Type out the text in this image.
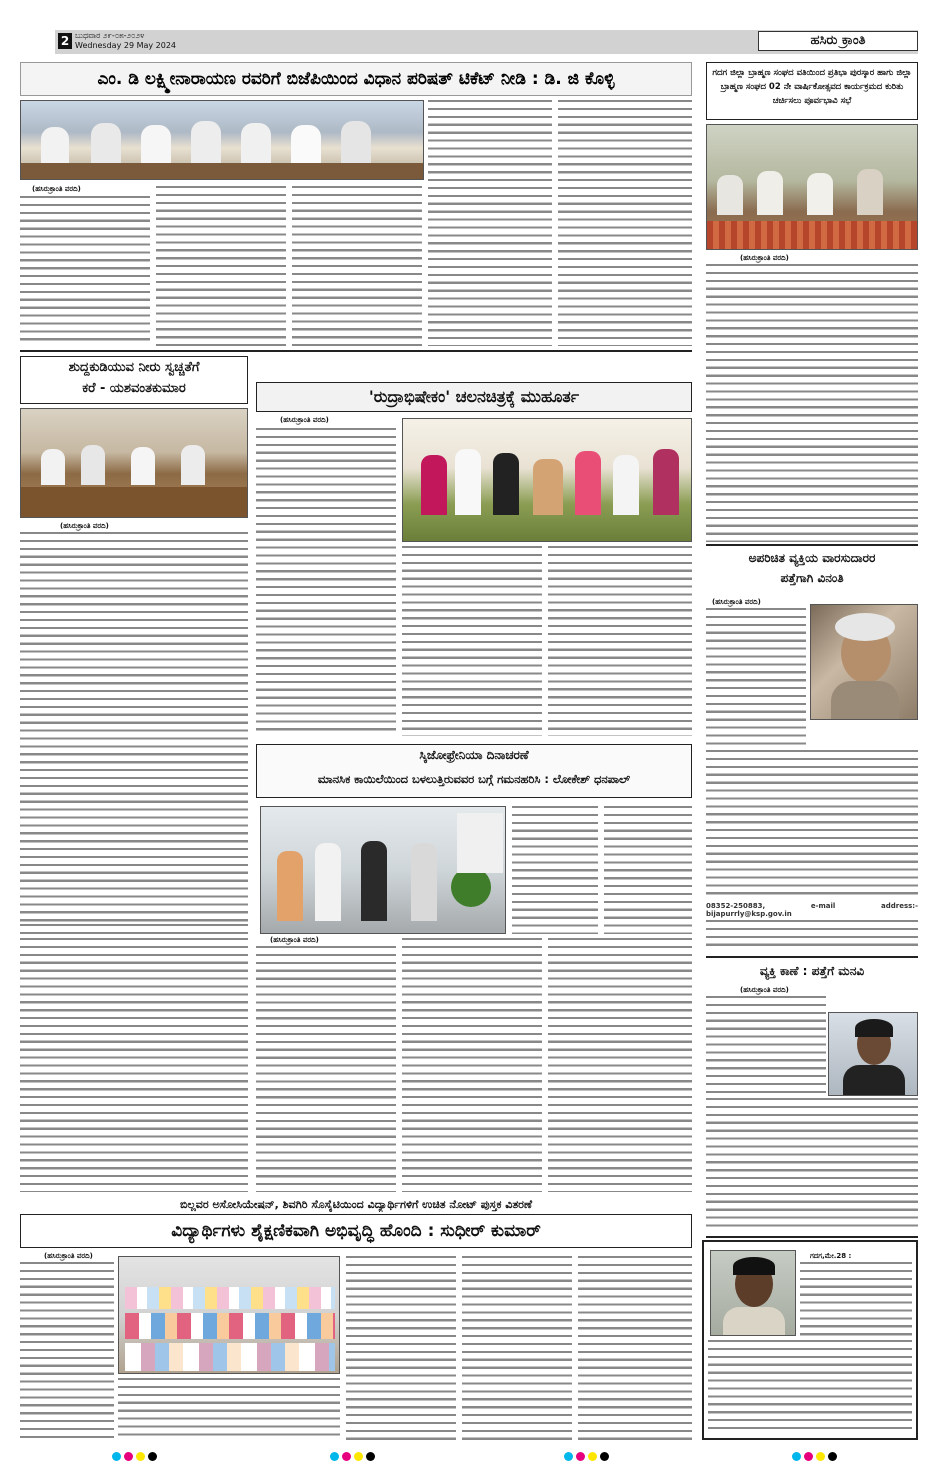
2 ಬುಧವಾರ ೨೯-೦೫-೨೦೨೪
Wednesday 29 May 2024	ಹಸಿರು ಕ್ರಾಂತಿ
ಎಂ. ಡಿ ಲಕ್ಷ್ಮೀನಾರಾಯಣ ರವರಿಗೆ ಬಿಜೆಪಿಯಿಂದ ವಿಧಾನ ಪರಿಷತ್ ಟಿಕೆಟ್ ನೀಡಿ : ಡಿ. ಜಿ ಕೊಳ್ಳಿ
(ಹಸಿರುಕ್ರಾಂತಿ ವರದಿ)
ಗದಗ ಜಿಲ್ಲಾ ಬ್ರಾಹ್ಮಣ ಸಂಘದ ವತಿಯಿಂದ ಪ್ರತಿಭಾ ಪುರಸ್ಕಾರ ಹಾಗು ಜಿಲ್ಲಾ ಬ್ರಾಹ್ಮಣ ಸಂಘದ 02 ನೇ ವಾರ್ಷಿಕೋತ್ಸವದ ಕಾರ್ಯಕ್ರಮದ ಕುರಿತು ಚರ್ಚಿಸಲು ಪೂರ್ವಭಾವಿ ಸಭೆ
(ಹಸಿರುಕ್ರಾಂತಿ ವರದಿ)
ಅಪರಿಚಿತ ವ್ಯಕ್ತಿಯ ವಾರಸುದಾರರ
ಪತ್ತೆಗಾಗಿ ವಿನಂತಿ
(ಹಸಿರುಕ್ರಾಂತಿ ವರದಿ)
08352-250883, e-mail address:- bijapurrly@ksp.gov.in
ವ್ಯಕ್ತಿ ಕಾಣೆ : ಪತ್ತೆಗೆ ಮನವಿ
(ಹಸಿರುಕ್ರಾಂತಿ ವರದಿ)
ಗದಗ,ಮೇ.28 :
ಶುದ್ದಕುಡಿಯುವ ನೀರು ಸ್ವಚ್ಚತೆಗೆ
ಕರೆ - ಯಶವಂತಕುಮಾರ
(ಹಸಿರುಕ್ರಾಂತಿ ವರದಿ)
'ರುದ್ರಾಭಿಷೇಕಂ' ಚಲನಚಿತ್ರಕ್ಕೆ ಮುಹೂರ್ತ
(ಹಸಿರುಕ್ರಾಂತಿ ವರದಿ)
ಸ್ಕಿಜೋಫ್ರೇನಿಯಾ ದಿನಾಚರಣೆ
ಮಾನಸಿಕ ಕಾಯಿಲೆಯಿಂದ ಬಳಲುತ್ತಿರುವವರ ಬಗ್ಗೆ ಗಮನಹರಿಸಿ : ಲೋಕೇಶ್ ಧನಪಾಲ್
(ಹಸಿರುಕ್ರಾಂತಿ ವರದಿ)
ಬಿಲ್ಲವರ ಅಸೋಸಿಯೇಷನ್, ಶಿವಗಿರಿ ಸೊಸೈಟಿಯಿಂದ ವಿದ್ಯಾರ್ಥಿಗಳಿಗೆ ಉಚಿತ ನೋಟ್ ಪುಸ್ತಕ ವಿತರಣೆ
ವಿದ್ಯಾರ್ಥಿಗಳು ಶೈಕ್ಷಣಿಕವಾಗಿ ಅಭಿವೃದ್ಧಿ ಹೊಂದಿ : ಸುಧೀರ್ ಕುಮಾರ್
(ಹಸಿರುಕ್ರಾಂತಿ ವರದಿ)
